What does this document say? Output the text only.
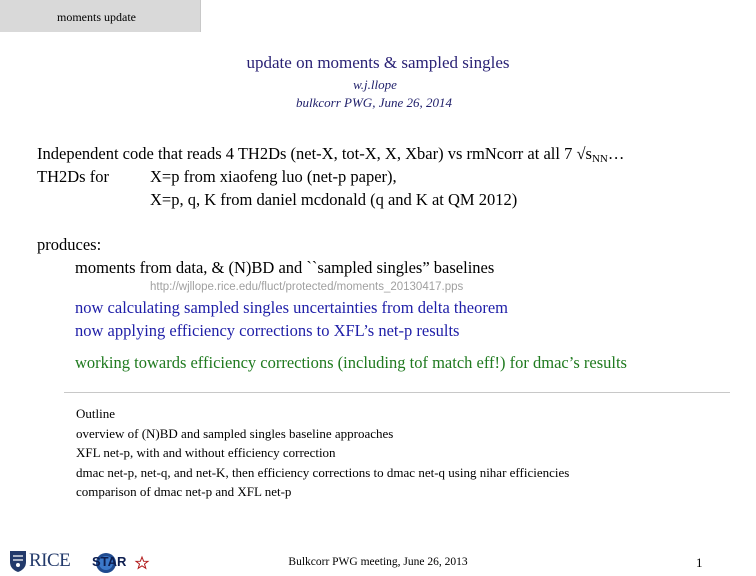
moments update
update on moments & sampled singles
w.j.llope
bulkcorr PWG, June 26, 2014
Independent code that reads 4 TH2Ds (net-X, tot-X, X, Xbar) vs rmNcorr at all 7 $√s_{NN}\dots$
TH2Ds for X=p from xiaofeng luo (net-p paper),
X=p, q, K from daniel mcdonald (q and K at QM 2012)
produces:
moments from data, & (N)BD and ``sampled singles” baselines
http://wjllope.rice.edu/fluct/protected/moments_20130417.pps
now calculating sampled singles uncertainties from delta theorem
now applying efficiency corrections to XFL’s net-p results
working towards efficiency corrections (including tof match eff!) for dmac’s results
Outline
overview of (N)BD and sampled singles baseline approaches
XFL net-p, with and without efficiency correction
dmac net-p, net-q, and net-K, then efficiency corrections to dmac net-q using nihar efficiencies
comparison of dmac net-p and XFL net-p
RICE STAR	Bulkcorr PWG meeting, June 26, 2013	1
